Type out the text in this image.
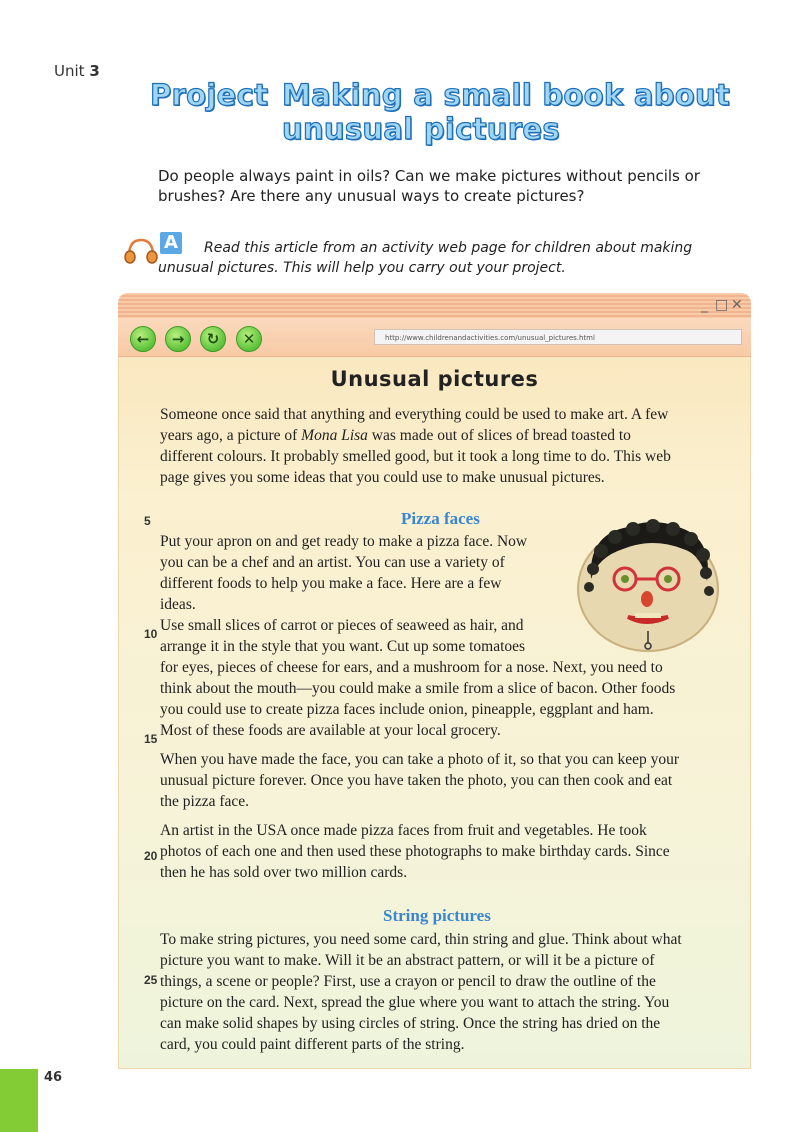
Unit 3
Project Making a small book about
unusual pictures
Do people always paint in oils? Can we make pictures without pencils or brushes? Are there any unusual ways to create pictures?
A	Read this article from an activity web page for children about making unusual pictures. This will help you carry out your project.
_ □ ✕
←	→	↻	✕	http://www.childrenandactivities.com/unusual_pictures.html
Unusual pictures
Someone once said that anything and everything could be used to make art. A few
years ago, a picture of Mona Lisa was made out of slices of bread toasted to
different colours. It probably smelled good, but it took a long time to do. This web
page gives you some ideas that you could use to make unusual pictures.
Pizza faces
Put your apron on and get ready to make a pizza face. Now
you can be a chef and an artist. You can use a variety of
different foods to help you make a face. Here are a few
ideas.
Use small slices of carrot or pieces of seaweed as hair, and
arrange it in the style that you want. Cut up some tomatoes
for eyes, pieces of cheese for ears, and a mushroom for a nose. Next, you need to
think about the mouth—you could make a smile from a slice of bacon. Other foods
you could use to create pizza faces include onion, pineapple, eggplant and ham.
Most of these foods are available at your local grocery.
When you have made the face, you can take a photo of it, so that you can keep your
unusual picture forever. Once you have taken the photo, you can then cook and eat
the pizza face.
An artist in the USA once made pizza faces from fruit and vegetables. He took
photos of each one and then used these photographs to make birthday cards. Since
then he has sold over two million cards.
String pictures
To make string pictures, you need some card, thin string and glue. Think about what
picture you want to make. Will it be an abstract pattern, or will it be a picture of
things, a scene or people? First, use a crayon or pencil to draw the outline of the
picture on the card. Next, spread the glue where you want to attach the string. You
can make solid shapes by using circles of string. Once the string has dried on the
card, you could paint different parts of the string.
5
10
15
20
25
46
